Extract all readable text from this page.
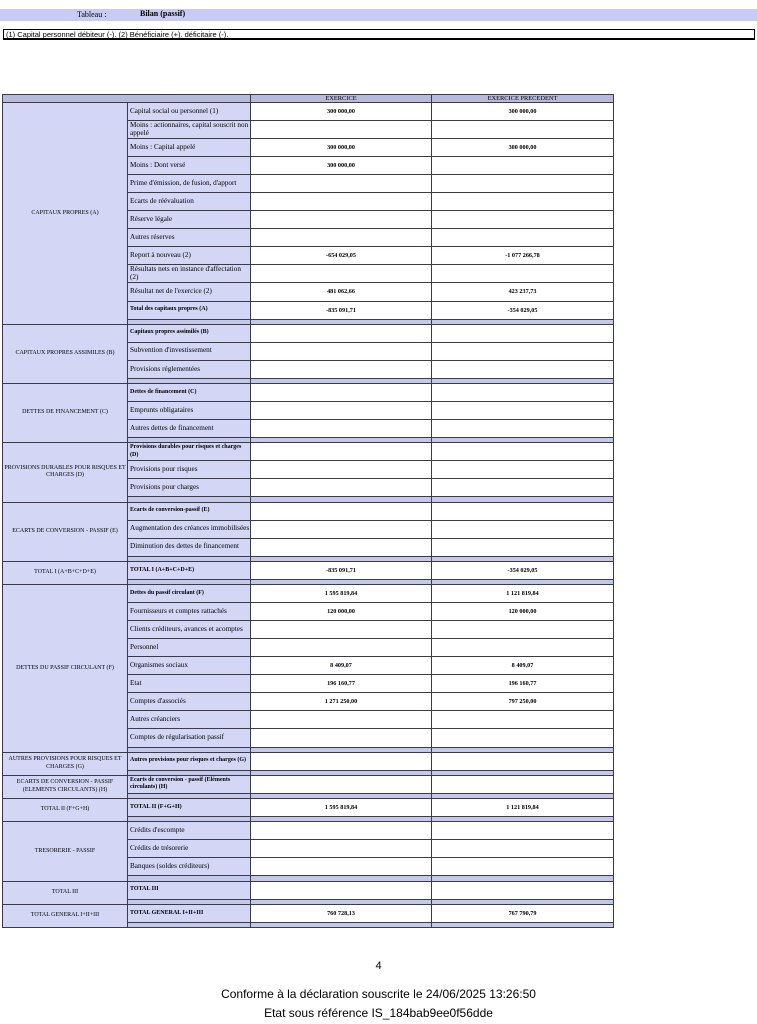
Tableau :	Bilan (passif)
(1) Capital personnel débiteur (-). (2) Bénéficiaire (+). déficitaire (-).
		EXERCICE	EXERCICE PRECEDENT
CAPITAUX PROPRES (A)	Capital social ou personnel (1)	300 000,00	300 000,00
	Moins : actionnaires, capital souscrit non appelé		
	Moins : Capital appelé	300 000,00	300 000,00
	Moins : Dont versé	300 000,00	
	Prime d'émission, de fusion, d'apport		
	Ecarts de réévaluation		
	Réserve légale		
	Autres réserves		
	Report à nouveau (2)	-654 029,05	-1 077 266,78
	Résultats nets en instance d'affectation (2)		
	Résultat net de l'exercice (2)	481 062,66	423 237,73
	Total des capitaux propres (A)	-835 091,71	-354 029,05

CAPITAUX PROPRES ASSIMILES (B)	Capitaux propres assimilés (B)		
	Subvention d'investissement		
	Provisions réglementées		

DETTES DE FINANCEMENT (C)	Dettes de financement (C)		
	Emprunts obligataires		
	Autres dettes de financement		

PROVISIONS DURABLES POUR RISQUES ET CHARGES (D)	Provisions durables pour risques et charges (D)		
	Provisions pour risques		
	Provisions pour charges		

ECARTS DE CONVERSION - PASSIF (E)	Ecarts de conversion-passif (E)		
	Augmentation des créances immobilisées		
	Diminution des dettes de financement		

TOTAL I (A+B+C+D+E)	TOTAL I (A+B+C+D+E)	-835 091,71	-354 029,05

DETTES DU PASSIF CIRCULANT (F)	Dettes du passif circulant (F)	1 595 819,84	1 121 819,84
	Fournisseurs et comptes rattachés	120 000,00	120 000,00
	Clients créditeurs, avances et acomptes		
	Personnel		
	Organismes sociaux	8 409,07	8 409,07
	Etat	196 160,77	196 160,77
	Comptes d'associés	1 271 250,00	797 250,00
	Autres créanciers		
	Comptes de régularisation passif		

AUTRES PROVISIONS POUR RISQUES ET CHARGES (G)	Autres provisions pour risques et charges (G)		

ECARTS DE CONVERSION - PASSIF (ELEMENTS CIRCULANTS) (H)	Ecarts de conversion - passif (Eléments circulants) (H)		

TOTAL II (F+G+H)	TOTAL II (F+G+H)	1 595 819,84	1 121 819,84

TRESORERIE - PASSIF	Crédits d'escompte		
	Crédits de trésorerie		
	Banques (soldes créditeurs)		

TOTAL III	TOTAL III		

TOTAL GENERAL I+II+III	TOTAL GENERAL I+II+III	760 728,13	767 790,79

4
Conforme à la déclaration souscrite le 24/06/2025 13:26:50
Etat sous référence IS_184bab9ee0f56dde
